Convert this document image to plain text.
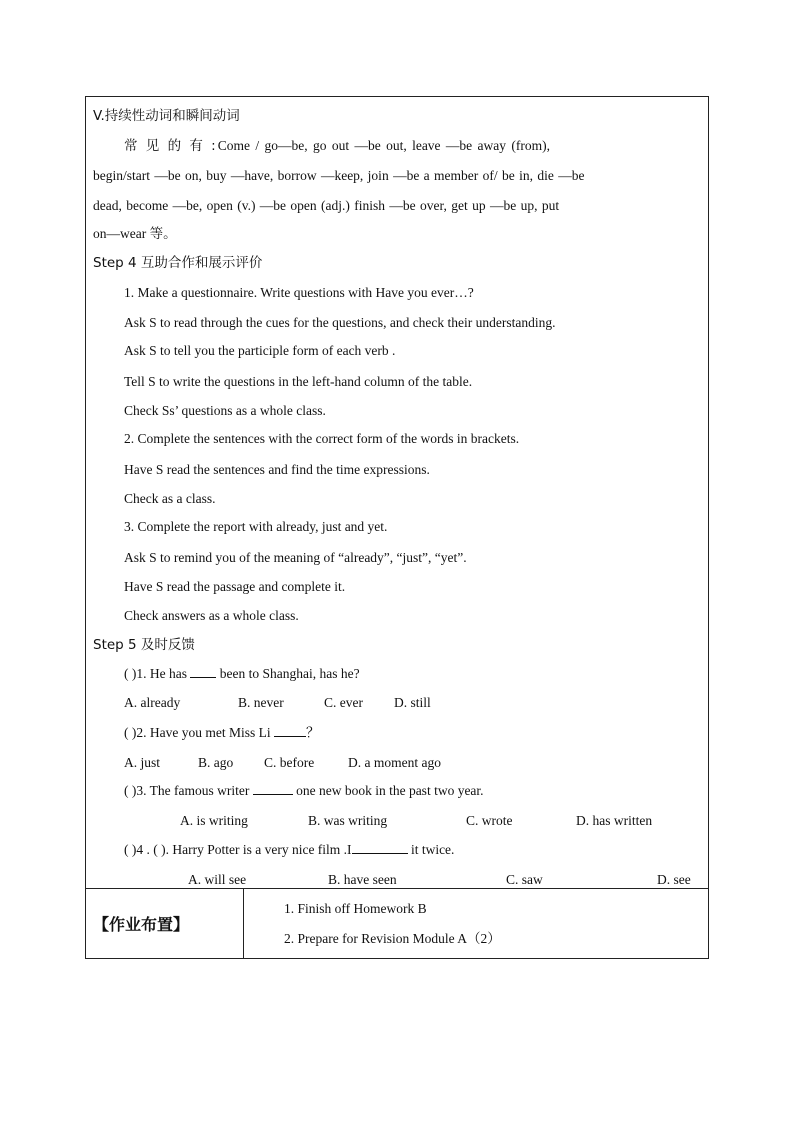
V.持续性动词和瞬间动词
常 见 的 有 :Come / go—be, go out —be out, leave —be away (from),
begin/start —be on, buy —have, borrow —keep, join —be a member of/ be in, die —be
dead, become —be, open (v.) —be open (adj.) finish —be over, get up —be up, put
on—wear 等。
Step 4 互助合作和展示评价
1. Make a questionnaire. Write questions with Have you ever…?
Ask S to read through the cues for the questions, and check their understanding.
Ask S to tell you the participle form of each verb .
Tell S to write the questions in the left-hand column of the table.
Check Ss’ questions as a whole class.
2. Complete the sentences with the correct form of the words in brackets.
Have S read the sentences and find the time expressions.
Check as a class.
3. Complete the report with already, just and yet.
Ask S to remind you of the meaning of “already”, “just”, “yet”.
Have S read the passage and complete it.
Check answers as a whole class.
Step 5 及时反馈
( )1. He has  been to Shanghai, has he?
A. already	B. never	C. ever D. still
( )2. Have you met Miss Li ？
A. just	B. ago C. before	D. a moment ago
( )3. The famous writer	one new book in the past two year.
A. is writing	B. was writing	C. wrote	D. has written
( )4 . ( ). Harry Potter is a very nice film .I	it twice.
A. will see	B. have seen	C. saw	D. see
【作业布置】
1. Finish off Homework B
2. Prepare for Revision Module A（2）
